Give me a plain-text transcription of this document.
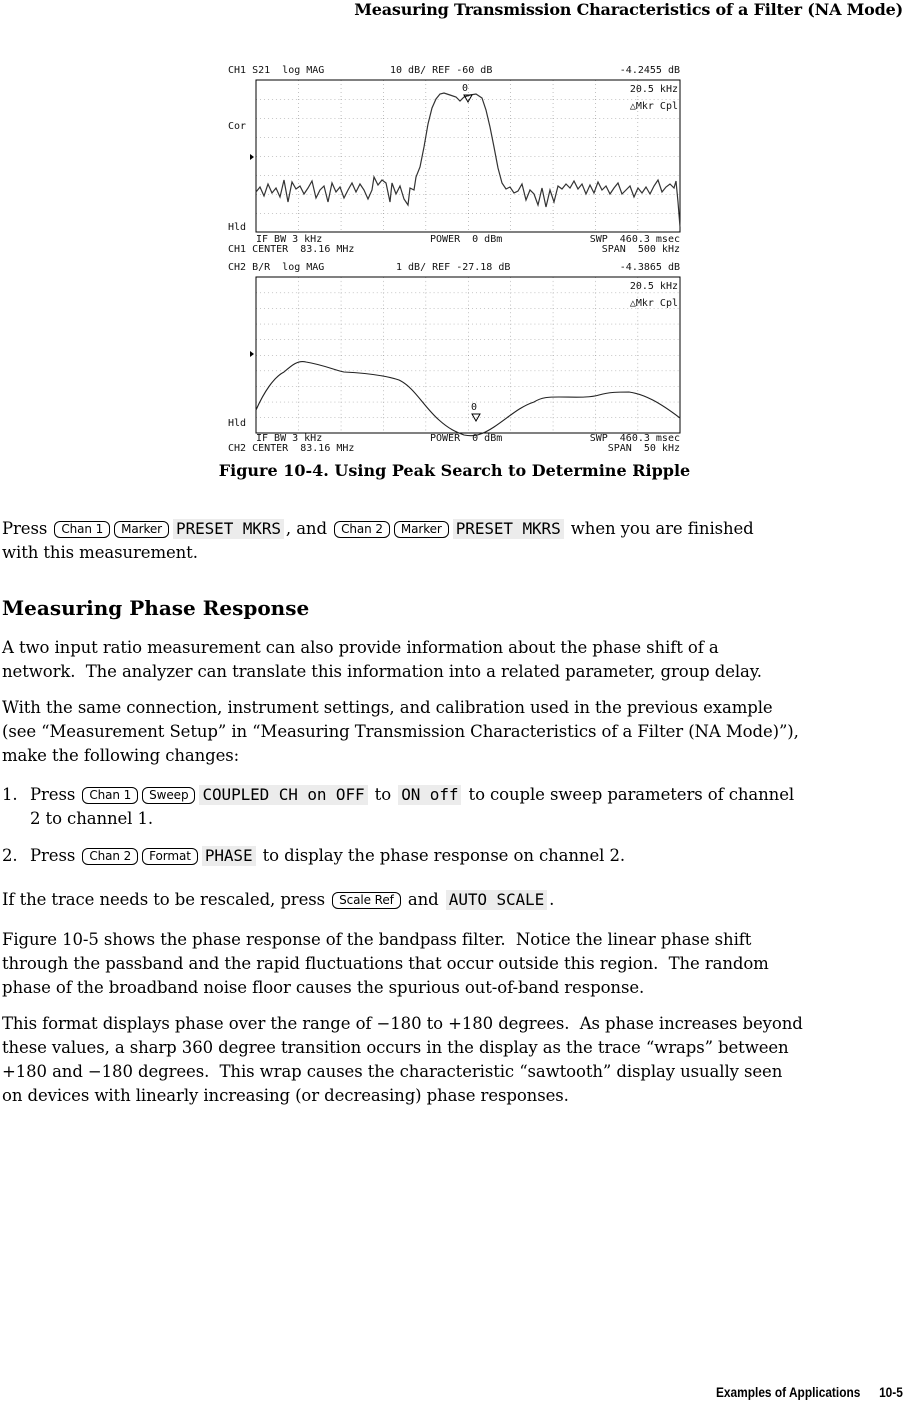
Measuring Transmission Characteristics of a Filter (NA Mode)
CH1 S21  log MAG	10 dB/ REF -60 dB	-4.2455 dB
20.5 kHz
△Mkr Cpl
0
Cor
Hld
IF BW 3 kHz	POWER  0 dBm	SWP  460.3 msec
CH1 CENTER  83.16 MHz	SPAN  500 kHz
CH2 B/R  log MAG	1 dB/ REF -27.18 dB	-4.3865 dB
20.5 kHz
△Mkr Cpl
0
Hld
IF BW 3 kHz	POWER  0 dBm	SWP  460.3 msec
CH2 CENTER  83.16 MHz	SPAN  50 kHz
Figure 10-4. Using Peak Search to Determine Ripple
Measuring Phase Response
Press Chan 1 Marker PRESET MKRS , and Chan 2 Marker PRESET MKRS when you are finished
with this measurement.
A two input ratio measurement can also provide information about the phase shift of a
network.  The analyzer can translate this information into a related parameter, group delay.
With the same connection, instrument settings, and calibration used in the previous example
(see “Measurement Setup” in “Measuring Transmission Characteristics of a Filter (NA Mode)”),
make the following changes:
1. Press Chan 1 Sweep COUPLED CH on OFF to ON off to couple sweep parameters of channel
2 to channel 1.
2. Press Chan 2 Format PHASE to display the phase response on channel 2.
If the trace needs to be rescaled, press Scale Ref and AUTO SCALE .
Figure 10-5 shows the phase response of the bandpass filter.  Notice the linear phase shift
through the passband and the rapid fluctuations that occur outside this region.  The random
phase of the broadband noise floor causes the spurious out-of-band response.
This format displays phase over the range of −180 to +180 degrees.  As phase increases beyond
these values, a sharp 360 degree transition occurs in the display as the trace “wraps” between
+180 and −180 degrees.  This wrap causes the characteristic “sawtooth” display usually seen
on devices with linearly increasing (or decreasing) phase responses.
Examples of Applications 10-5
